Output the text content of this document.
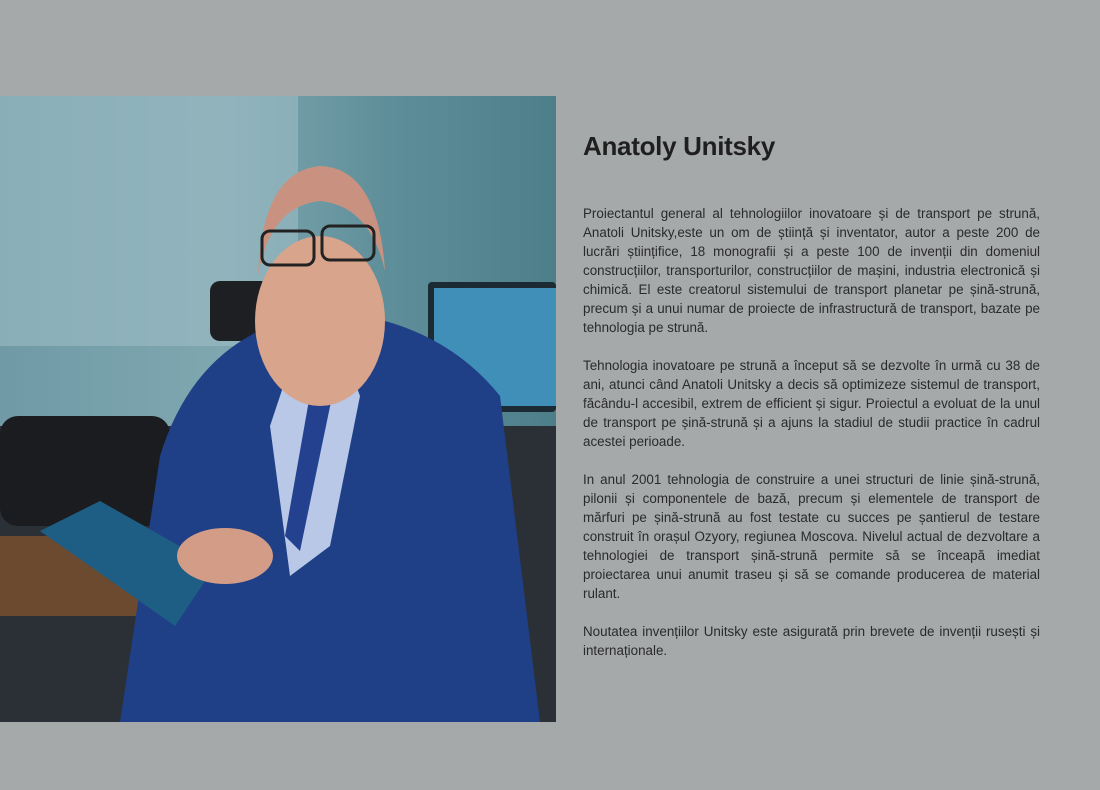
Anatoly Unitsky

Proiectantul general al tehnologiilor inovatoare și de transport pe strună, Anatoli Unitsky,este un om de știință și inventator, autor a peste 200 de lucrări științifice, 18 monografii și a peste 100 de invenții din domeniul construcțiilor, transporturilor, construcțiilor de mașini, industria electronică și chimică. El este creatorul sistemului de transport planetar pe șină-strună, precum și a unui numar de proiecte de infrastructură de transport, bazate pe tehnologia pe strună.

Tehnologia inovatoare pe strună a început să se dezvolte în urmă cu 38 de ani, atunci când Anatoli Unitsky a decis să optimizeze sistemul de transport, făcându-l accesibil, extrem de efficient și sigur. Proiectul a evoluat de la unul de transport pe șină-strună și a ajuns la stadiul de studii practice în cadrul acestei perioade.

In anul 2001 tehnologia de construire a unei structuri de linie șină-strună, pilonii și componentele de bază, precum și elementele de transport de mărfuri pe șină-strună au fost testate cu succes pe șantierul de testare construit în orașul Ozyory, regiunea Moscova. Nivelul actual de dezvoltare a tehnologiei de transport șină-strună permite să se înceapă imediat proiectarea unui anumit traseu și să se comande producerea de material rulant.

Noutatea invențiilor Unitsky este asigurată prin brevete de invenții rusești și internaționale.
